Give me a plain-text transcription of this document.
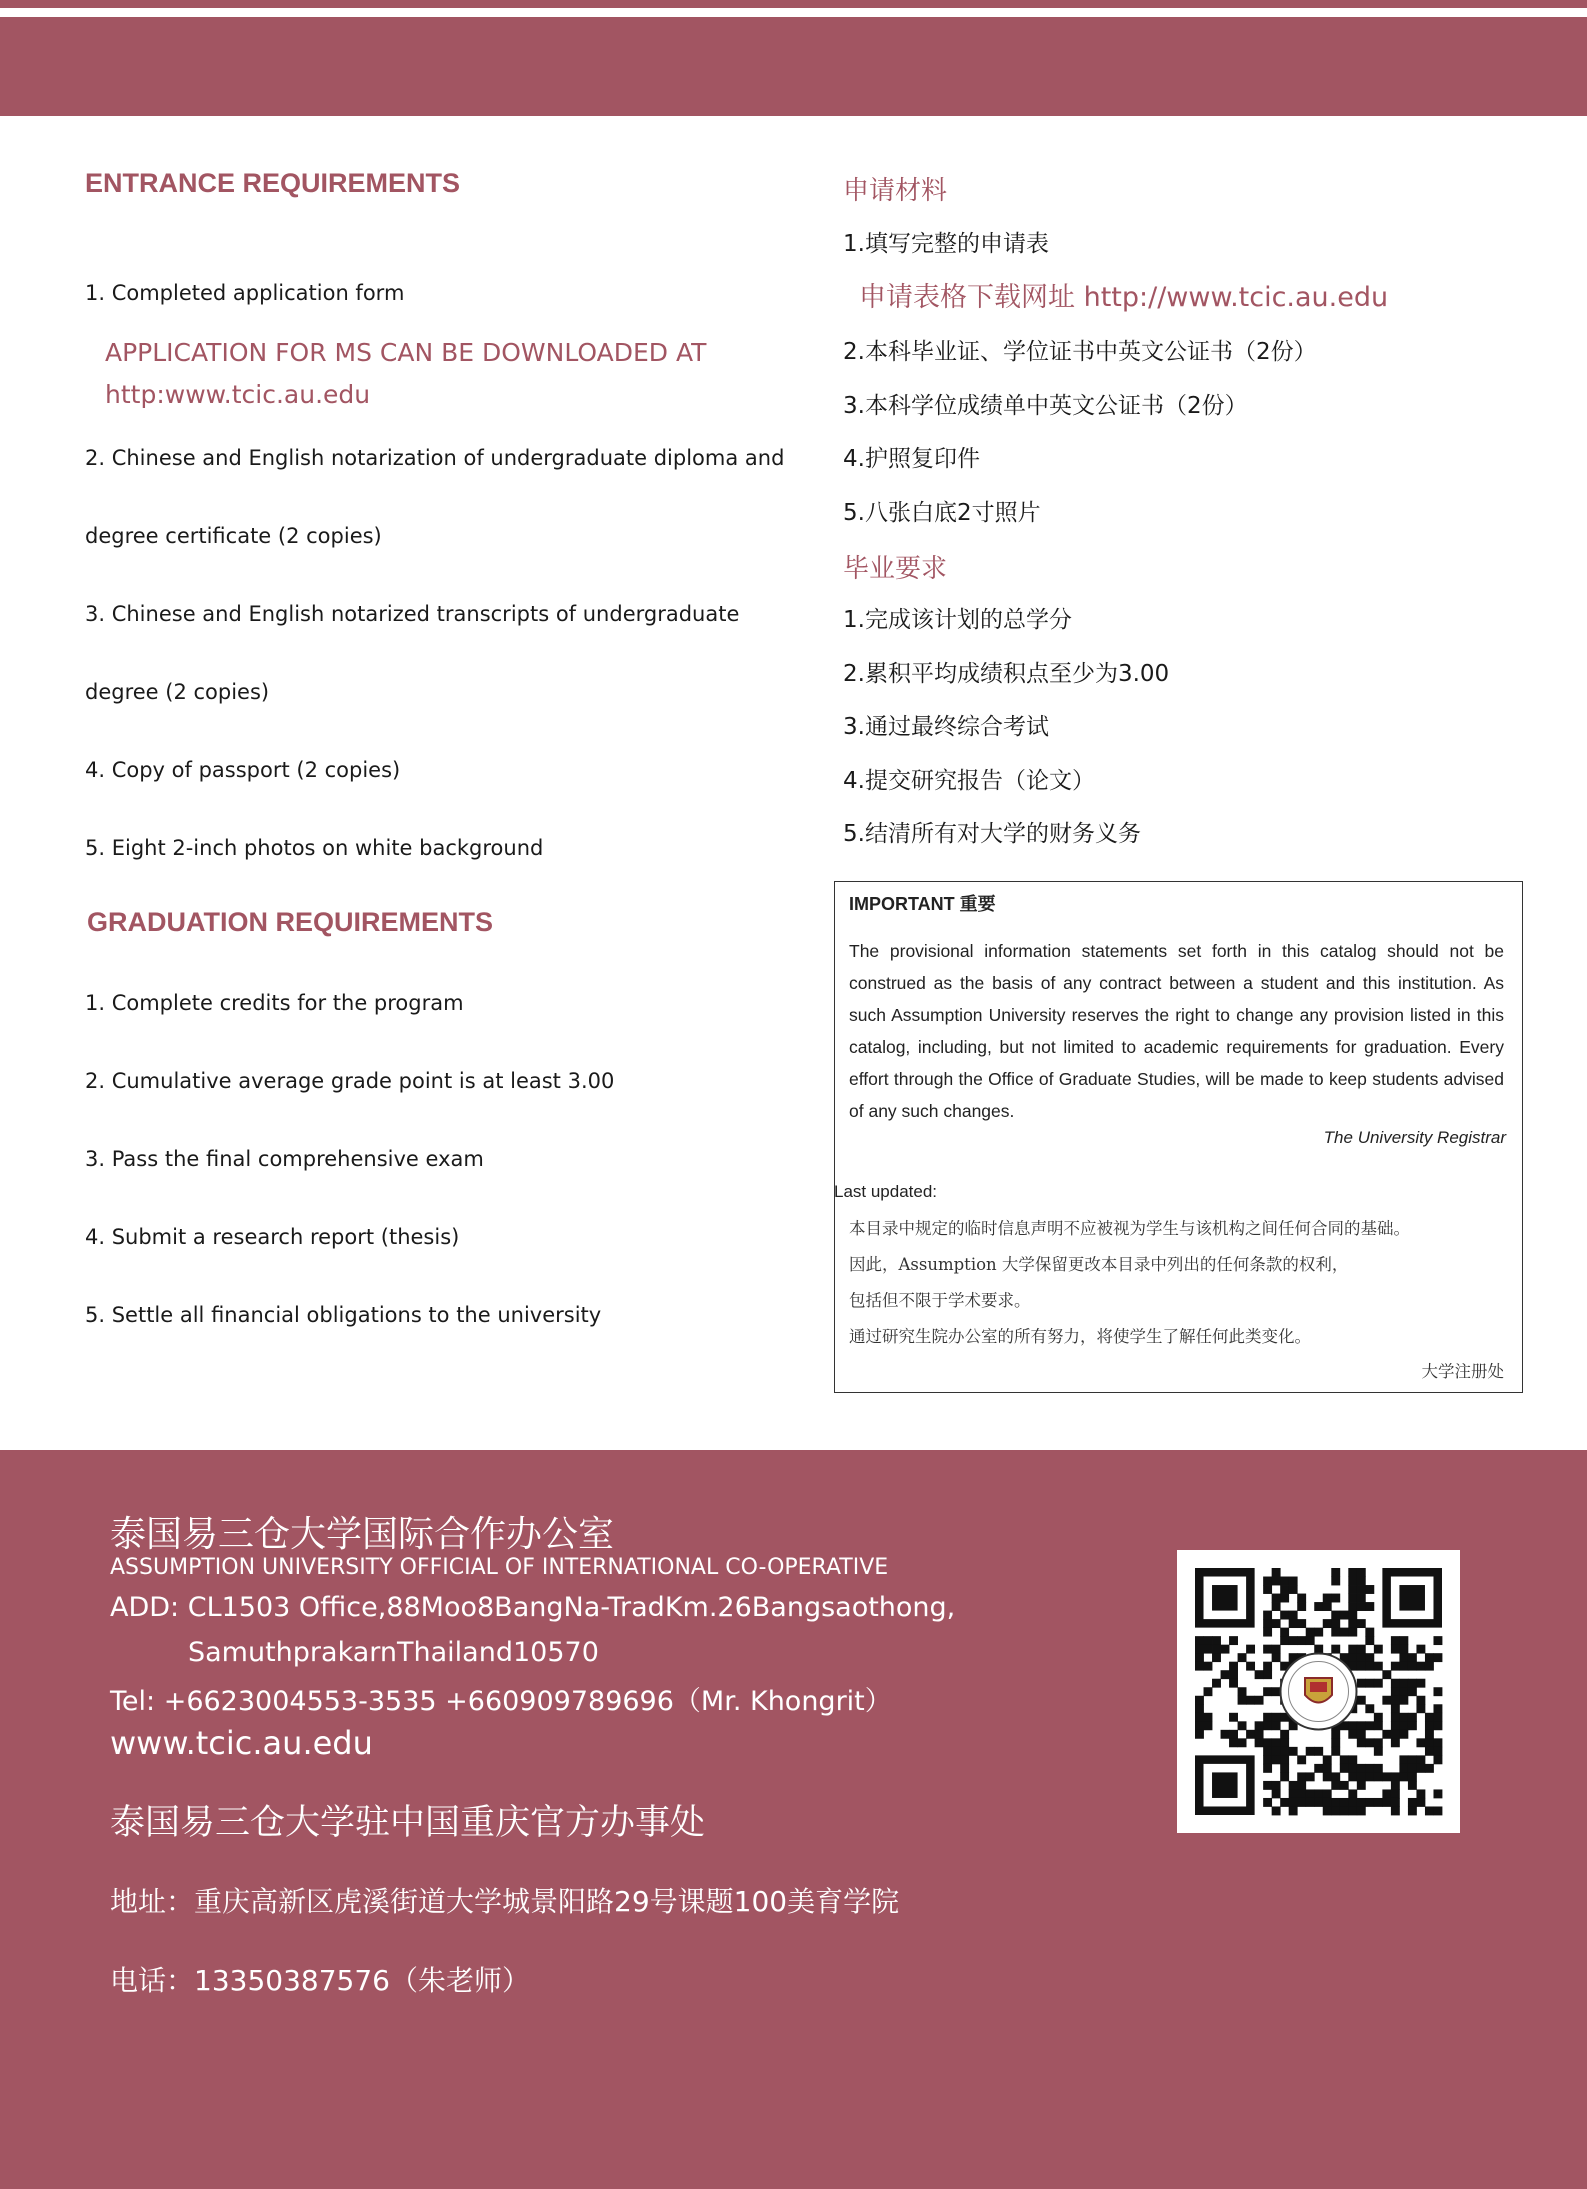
ENTRANCE REQUIREMENTS
1. Completed application form
APPLICATION FOR MS CAN BE DOWNLOADED AT
http:www.tcic.au.edu
2. Chinese and English notarization of undergraduate diploma and
degree certificate (2 copies)
3. Chinese and English notarized transcripts of undergraduate
degree (2 copies)
4. Copy of passport (2 copies)
5. Eight 2-inch photos on white background
GRADUATION REQUIREMENTS
1. Complete credits for the program
2. Cumulative average grade point is at least 3.00
3. Pass the final comprehensive exam
4. Submit a research report (thesis)
5. Settle all financial obligations to the university
申请材料
1.填写完整的申请表
申请表格下载网址 http://www.tcic.au.edu
2.本科毕业证、学位证书中英文公证书（2份）
3.本科学位成绩单中英文公证书（2份）
4.护照复印件
5.八张白底2寸照片
毕业要求
1.完成该计划的总学分
2.累积平均成绩积点至少为3.00
3.通过最终综合考试
4.提交研究报告（论文）
5.结清所有对大学的财务义务
IMPORTANT 重要
The provisional information statements set forth in this catalog should not be construed as the basis of any contract between a student and this institution. As such Assumption University reserves the right to change any provision listed in this catalog, including, but not limited to academic requirements for graduation. Every effort through the Office of Graduate Studies, will be made to keep students advised of any such changes.
The University Registrar
Last updated:
本目录中规定的临时信息声明不应被视为学生与该机构之间任何合同的基础。
因此，Assumption 大学保留更改本目录中列出的任何条款的权利，
包括但不限于学术要求。
通过研究生院办公室的所有努力，将使学生了解任何此类变化。
大学注册处
泰国易三仓大学国际合作办公室
ASSUMPTION UNIVERSITY OFFICIAL OF INTERNATIONAL CO-OPERATIVE
ADD: CL1503 Office,88Moo8BangNa-TradKm.26Bangsaothong,
SamuthprakarnThailand10570
Tel: +6623004553-3535 +660909789696（Mr. Khongrit）
www.tcic.au.edu
泰国易三仓大学驻中国重庆官方办事处
地址：重庆高新区虎溪街道大学城景阳路29号课题100美育学院
电话：13350387576（朱老师）
